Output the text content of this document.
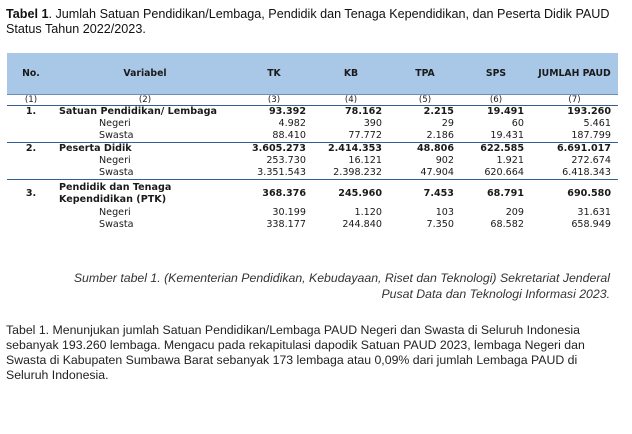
Tabel 1. Jumlah Satuan Pendidikan/Lembaga, Pendidik dan Tenaga Kependidikan, dan Peserta Didik PAUD Status Tahun 2022/2023.
No.	Variabel	TK	KB	TPA	SPS	JUMLAH PAUD
(1)	(2)	(3)	(4)	(5)	(6)	(7)
1.	Satuan Pendidikan/ Lembaga	93.392	78.162	2.215	19.491	193.260
	Negeri	4.982	390	29	60	5.461
	Swasta	88.410	77.772	2.186	19.431	187.799
2.	Peserta Didik	3.605.273	2.414.353	48.806	622.585	6.691.017
	Negeri	253.730	16.121	902	1.921	272.674
	Swasta	3.351.543	2.398.232	47.904	620.664	6.418.343
3.	Pendidik dan Tenaga Kependidikan (PTK)	368.376	245.960	7.453	68.791	690.580
	Negeri	30.199	1.120	103	209	31.631
	Swasta	338.177	244.840	7.350	68.582	658.949
Sumber tabel 1. (Kementerian Pendidikan, Kebudayaan, Riset dan Teknologi) Sekretariat Jenderal Pusat Data dan Teknologi Informasi 2023.
Tabel 1. Menunjukan jumlah Satuan Pendidikan/Lembaga PAUD Negeri dan Swasta di Seluruh Indonesia sebanyak 193.260 lembaga. Mengacu pada rekapitulasi dapodik Satuan PAUD 2023, lembaga Negeri dan Swasta di Kabupaten Sumbawa Barat sebanyak 173 lembaga atau 0,09% dari jumlah Lembaga PAUD di Seluruh Indonesia.
